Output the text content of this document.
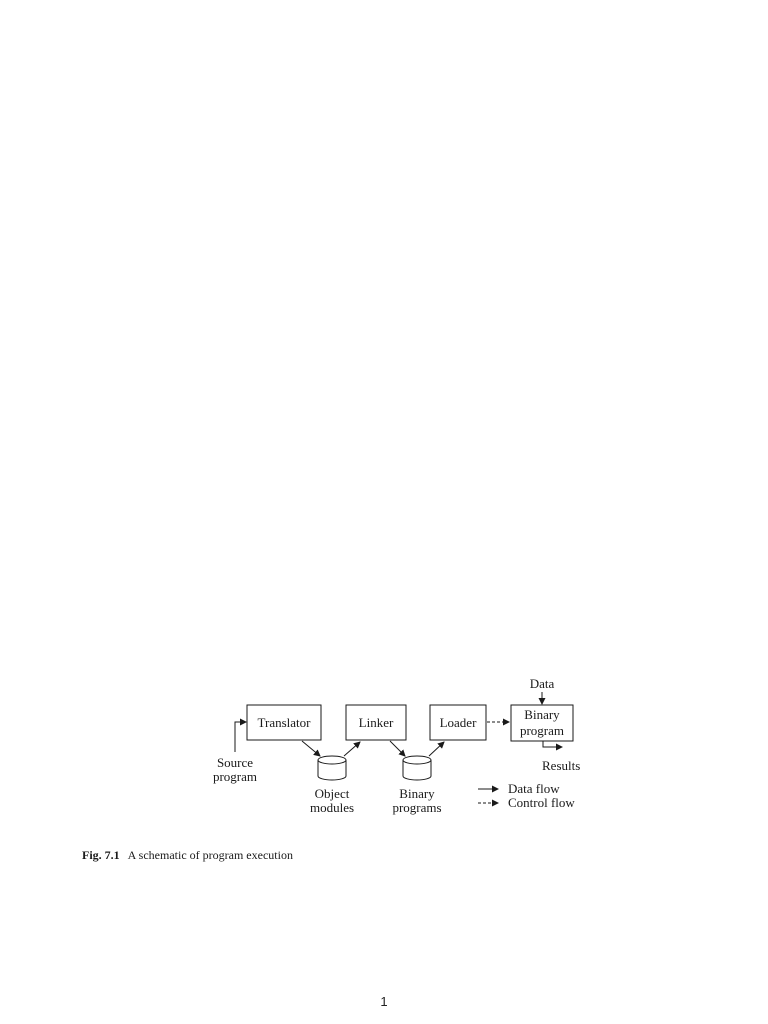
Translator	Linker	Loader
Binary
program
Data
Results
Source
program
Object
modules
Binary
programs
Data flow
Control flow
Fig. 7.1 A schematic of program execution
1
